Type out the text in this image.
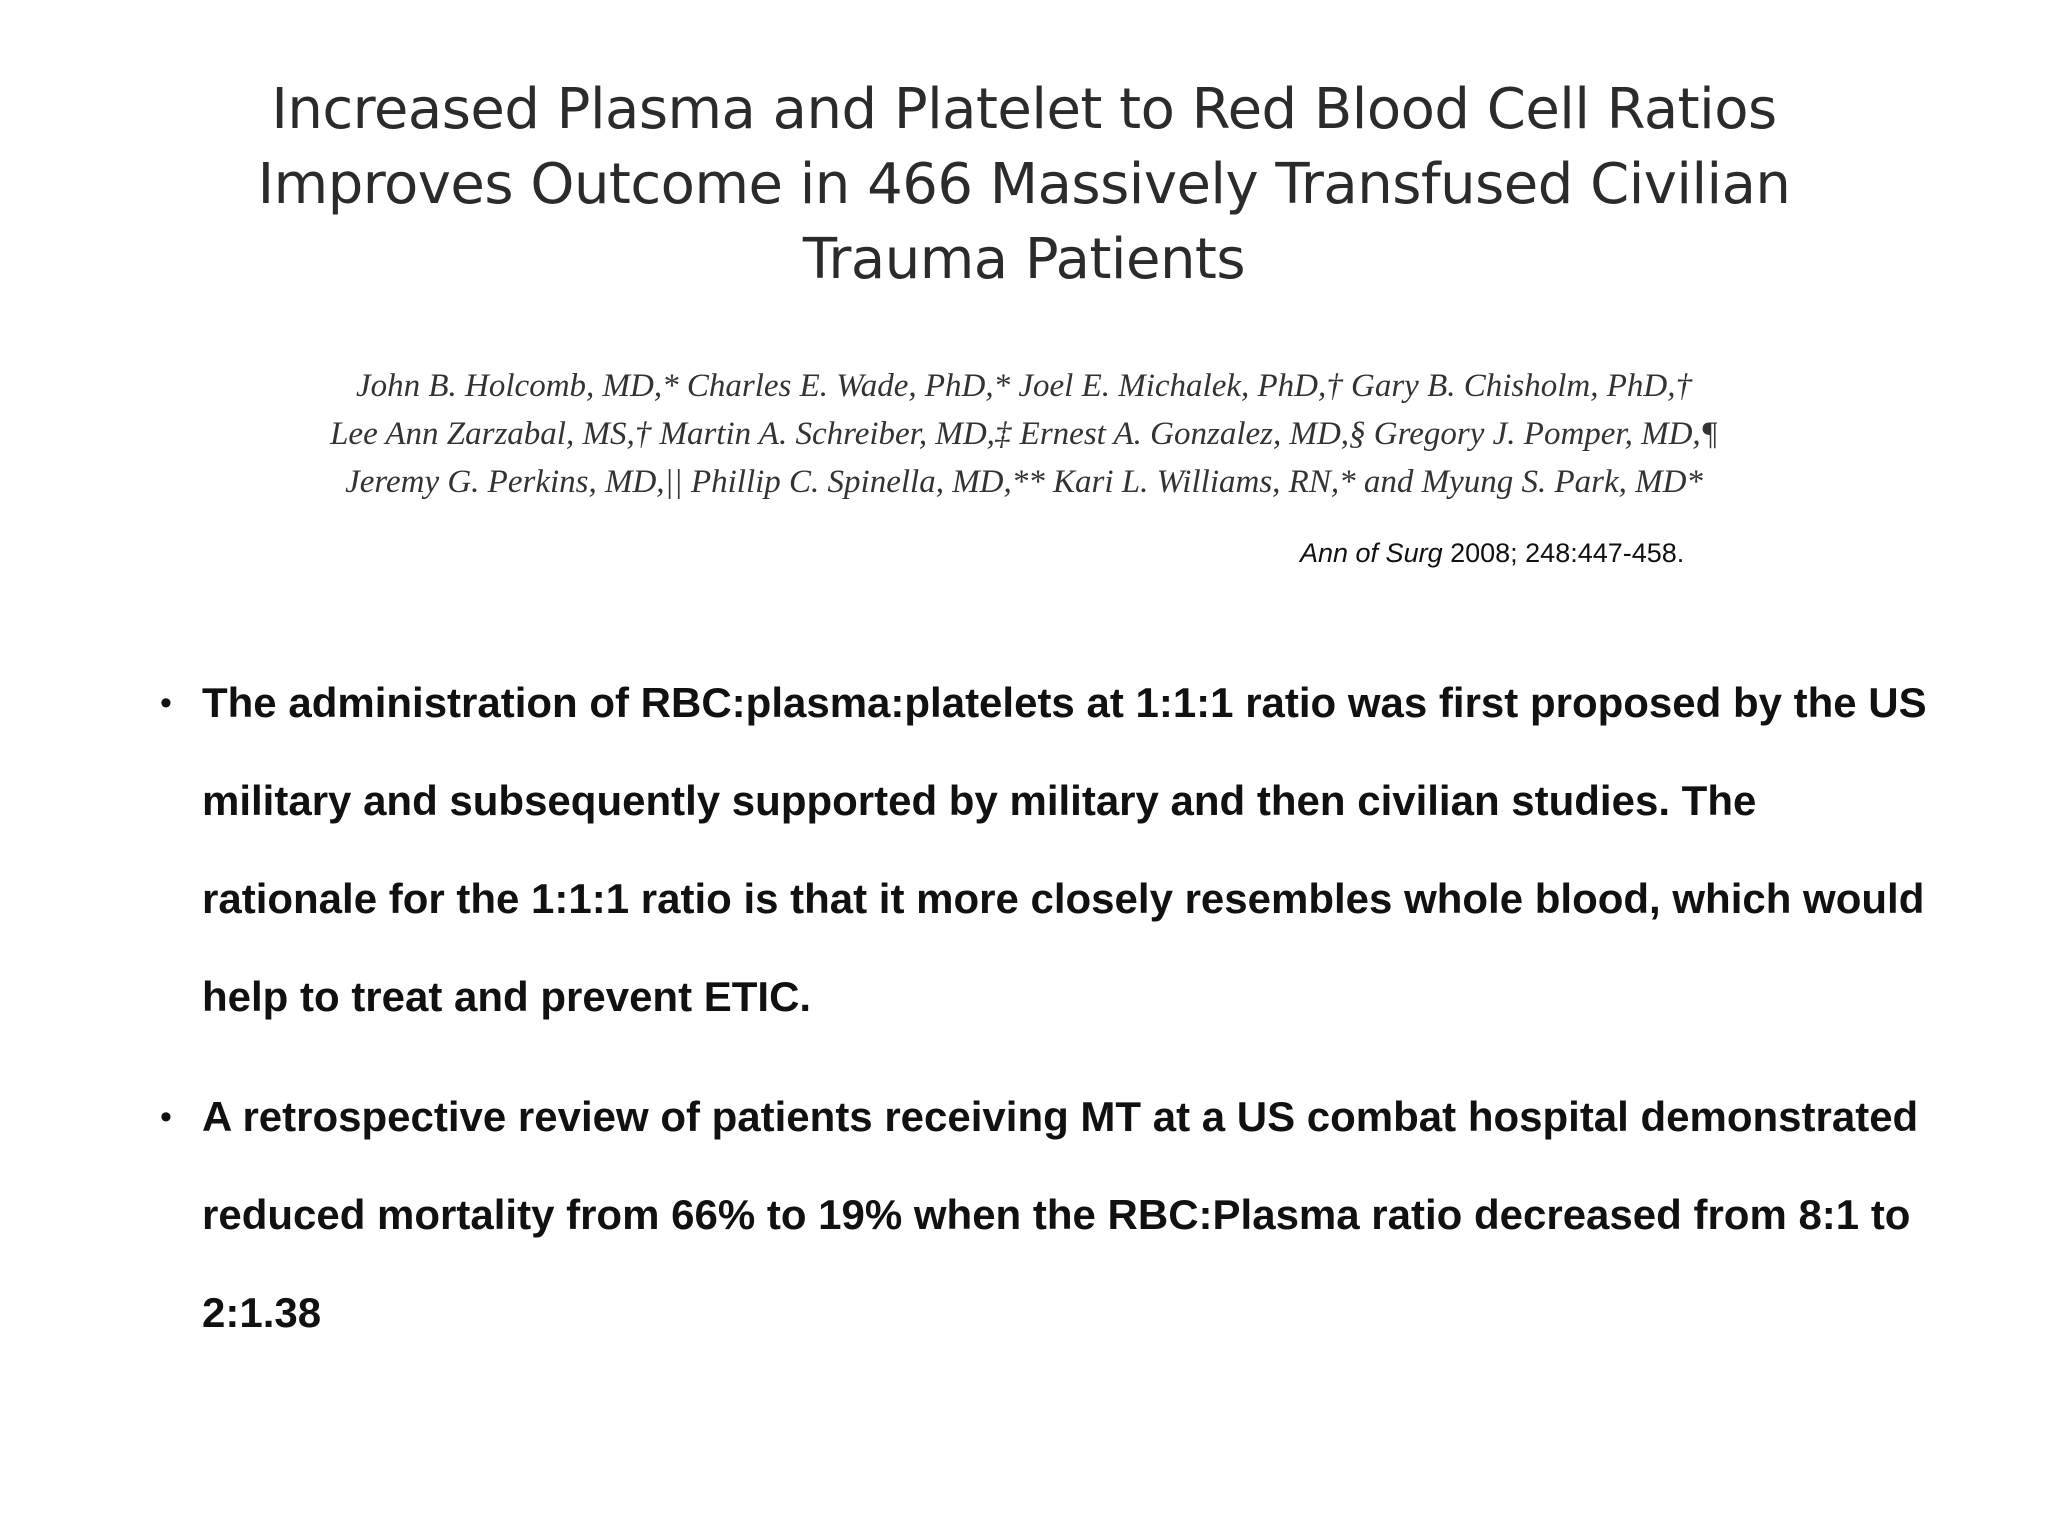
Increased Plasma and Platelet to Red Blood Cell Ratios
Improves Outcome in 466 Massively Transfused Civilian
Trauma Patients
John B. Holcomb, MD,* Charles E. Wade, PhD,* Joel E. Michalek, PhD,† Gary B. Chisholm, PhD,†
Lee Ann Zarzabal, MS,† Martin A. Schreiber, MD,‡ Ernest A. Gonzalez, MD,§ Gregory J. Pomper, MD,¶
Jeremy G. Perkins, MD,|| Phillip C. Spinella, MD,** Kari L. Williams, RN,* and Myung S. Park, MD*
Ann of Surg 2008; 248:447-458.
• The administration of RBC:plasma:platelets at 1:1:1 ratio was first proposed by the US military and subsequently supported by military and then civilian studies. The rationale for the 1:1:1 ratio is that it more closely resembles whole blood, which would help to treat and prevent ETIC.
• A retrospective review of patients receiving MT at a US combat hospital demonstrated reduced mortality from 66% to 19% when the RBC:Plasma ratio decreased from 8:1 to 2:1.38
